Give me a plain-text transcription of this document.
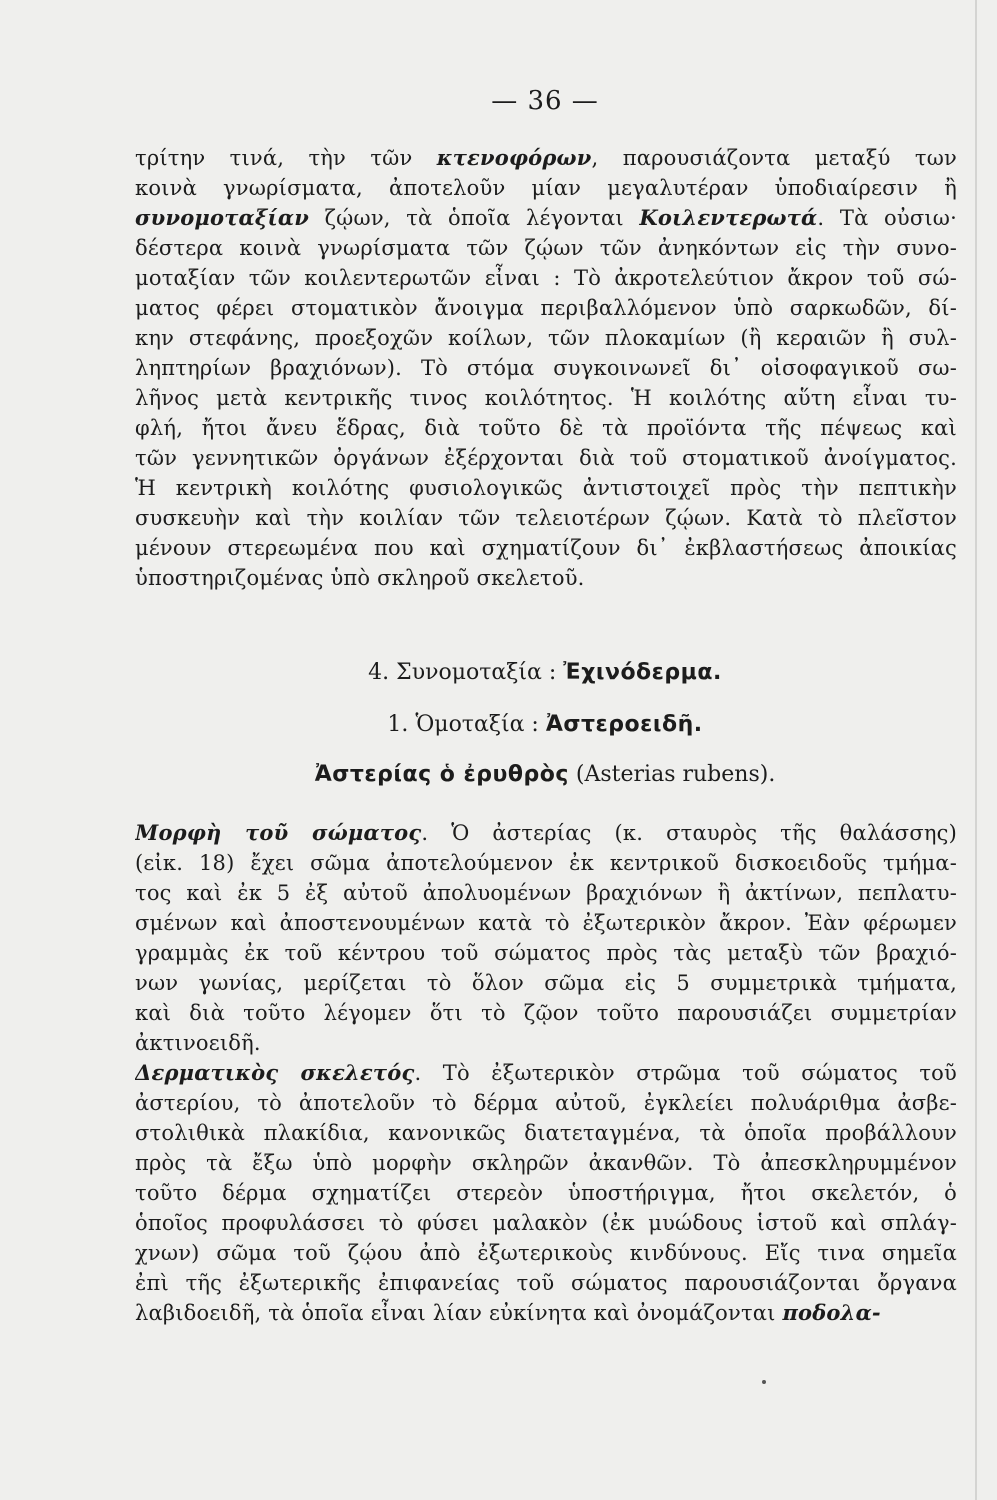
— 36 —
τρίτην τινά, τὴν τῶν κτενοφόρων, παρουσιάζοντα μεταξύ των
κοινὰ γνωρίσματα, ἀποτελοῦν μίαν μεγαλυτέραν ὑποδιαίρεσιν ἢ
συνομοταξίαν ζῴων, τὰ ὁποῖα λέγονται Κοιλεντερωτά. Τὰ οὐσιω·
δέστερα κοινὰ γνωρίσματα τῶν ζῴων τῶν ἀνηκόντων εἰς τὴν συνο-
μοταξίαν τῶν κοιλεντερωτῶν εἶναι : Τὸ ἀκροτελεύτιον ἄκρον τοῦ σώ-
ματος φέρει στοματικὸν ἄνοιγμα περιβαλλόμενον ὑπὸ σαρκωδῶν, δί-
κην στεφάνης, προεξοχῶν κοίλων, τῶν πλοκαμίων (ἢ κεραιῶν ἢ συλ-
ληπτηρίων βραχιόνων). Τὸ στόμα συγκοινωνεῖ δι᾿ οἰσοφαγικοῦ σω-
λῆνος μετὰ κεντρικῆς τινος κοιλότητος. Ἡ κοιλότης αὕτη εἶναι τυ-
φλή, ἤτοι ἄνευ ἕδρας, διὰ τοῦτο δὲ τὰ προϊόντα τῆς πέψεως καὶ
τῶν γεννητικῶν ὀργάνων ἐξέρχονται διὰ τοῦ στοματικοῦ ἀνοίγματος.
Ἡ κεντρικὴ κοιλότης φυσιολογικῶς ἀντιστοιχεῖ πρὸς τὴν πεπτικὴν
συσκευὴν καὶ τὴν κοιλίαν τῶν τελειοτέρων ζῴων. Κατὰ τὸ πλεῖστον
μένουν στερεωμένα που καὶ σχηματίζουν δι᾿ ἐκβλαστήσεως ἀποικίας
ὑποστηριζομένας ὑπὸ σκληροῦ σκελετοῦ.
4. Συνομοταξία : Ἐχινόδερμα.
1. Ὁμοταξία : Ἀστεροειδῆ.
Ἀστερίας ὁ ἐρυθρὸς (Asterias rubens).
Μορφὴ τοῦ σώματος. Ὁ ἀστερίας (κ. σταυρὸς τῆς θαλάσσης)
(εἰκ. 18) ἔχει σῶμα ἀποτελούμενον ἐκ κεντρικοῦ δισκοειδοῦς τμήμα-
τος καὶ ἐκ 5 ἐξ αὐτοῦ ἀπολυομένων βραχιόνων ἢ ἀκτίνων, πεπλατυ-
σμένων καὶ ἀποστενουμένων κατὰ τὸ ἐξωτερικὸν ἄκρον. Ἐὰν φέρωμεν
γραμμὰς ἐκ τοῦ κέντρου τοῦ σώματος πρὸς τὰς μεταξὺ τῶν βραχιό-
νων γωνίας, μερίζεται τὸ ὅλον σῶμα εἰς 5 συμμετρικὰ τμήματα,
καὶ διὰ τοῦτο λέγομεν ὅτι τὸ ζῷον τοῦτο παρουσιάζει συμμετρίαν
ἀκτινοειδῆ.
Δερματικὸς σκελετός. Τὸ ἐξωτερικὸν στρῶμα τοῦ σώματος τοῦ
ἀστερίου, τὸ ἀποτελοῦν τὸ δέρμα αὐτοῦ, ἐγκλείει πολυάριθμα ἀσβε-
στολιθικὰ πλακίδια, κανονικῶς διατεταγμένα, τὰ ὁποῖα προβάλλουν
πρὸς τὰ ἔξω ὑπὸ μορφὴν σκληρῶν ἀκανθῶν. Τὸ ἀπεσκληρυμμένον
τοῦτο δέρμα σχηματίζει στερεὸν ὑποστήριγμα, ἤτοι σκελετόν, ὁ
ὁποῖος προφυλάσσει τὸ φύσει μαλακὸν (ἐκ μυώδους ἱστοῦ καὶ σπλάγ-
χνων) σῶμα τοῦ ζῴου ἀπὸ ἐξωτερικοὺς κινδύνους. Εἴς τινα σημεῖα
ἐπὶ τῆς ἐξωτερικῆς ἐπιφανείας τοῦ σώματος παρουσιάζονται ὄργανα
λαβιδοειδῆ, τὰ ὁποῖα εἶναι λίαν εὐκίνητα καὶ ὀνομάζονται ποδολα-
